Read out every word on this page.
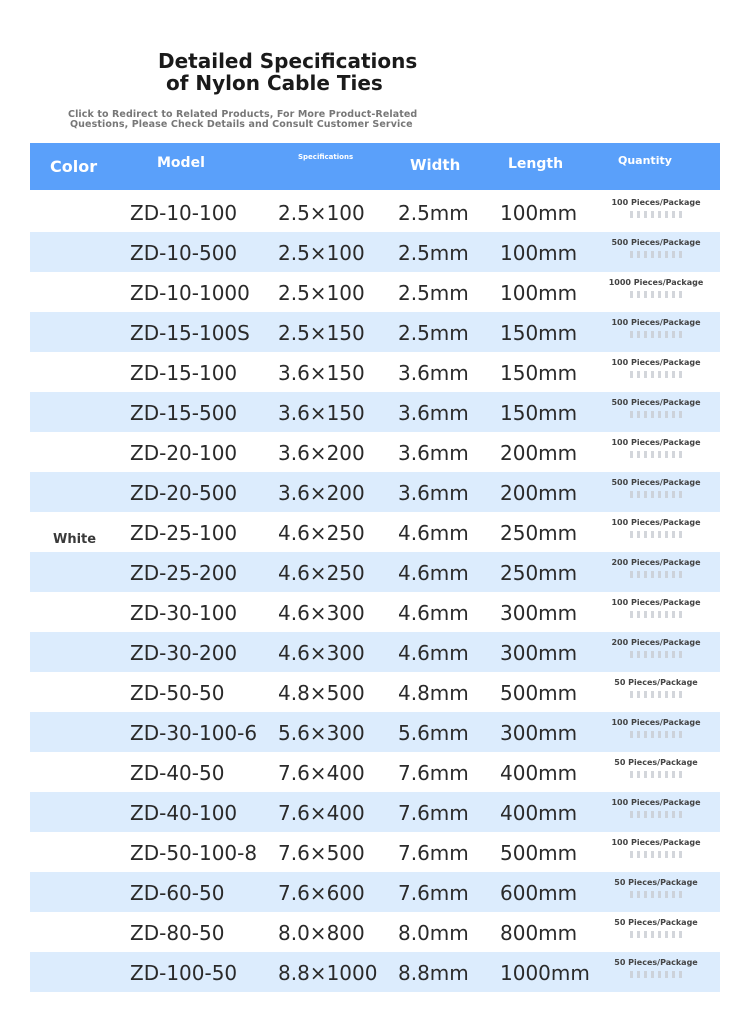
Detailed Specifications

of Nylon Cable Ties
Click to Redirect to Related Products, For More Product-Related
Questions, Please Check Details and Consult Customer Service
Color	Model	Specifications	Width	Length	Quantity
ZD-10-100 2.5×100 2.5mm 100mm	100 Pieces/Package
ZD-10-500 2.5×100 2.5mm 100mm	500 Pieces/Package
ZD-10-1000 2.5×100 2.5mm 100mm	1000 Pieces/Package
ZD-15-100S 2.5×150 2.5mm 150mm	100 Pieces/Package
ZD-15-100 3.6×150 3.6mm 150mm	100 Pieces/Package
ZD-15-500 3.6×150 3.6mm 150mm	500 Pieces/Package
ZD-20-100 3.6×200 3.6mm 200mm	100 Pieces/Package
ZD-20-500 3.6×200 3.6mm 200mm	500 Pieces/Package
ZD-25-100 4.6×250 4.6mm 250mm	100 Pieces/Package
ZD-25-200 4.6×250 4.6mm 250mm	200 Pieces/Package
ZD-30-100 4.6×300 4.6mm 300mm	100 Pieces/Package
ZD-30-200 4.6×300 4.6mm 300mm	200 Pieces/Package
ZD-50-50	4.8×500 4.8mm 500mm	50 Pieces/Package
ZD-30-100-6 5.6×300 5.6mm 300mm	100 Pieces/Package
ZD-40-50	7.6×400 7.6mm 400mm	50 Pieces/Package
ZD-40-100 7.6×400 7.6mm 400mm	100 Pieces/Package
ZD-50-100-8 7.6×500 7.6mm 500mm	100 Pieces/Package
ZD-60-50	7.6×600 7.6mm 600mm	50 Pieces/Package
ZD-80-50	8.0×800 8.0mm 800mm	50 Pieces/Package
ZD-100-50 8.8×1000 8.8mm 1000mm	50 Pieces/Package
White
